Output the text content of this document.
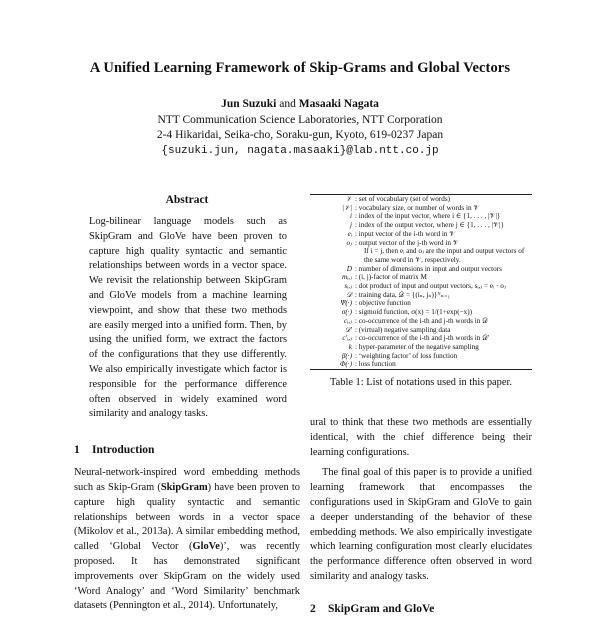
A Unified Learning Framework of Skip-Grams and Global Vectors
Jun Suzuki and Masaaki Nagata
NTT Communication Science Laboratories, NTT Corporation
2-4 Hikaridai, Seika-cho, Soraku-gun, Kyoto, 619-0237 Japan
{suzuki.jun, nagata.masaaki}@lab.ntt.co.jp
Abstract

Log-bilinear language models such as SkipGram and GloVe have been proven to capture high quality syntactic and semantic relationships between words in a vector space. We revisit the relationship between SkipGram and GloVe models from a machine learning viewpoint, and show that these two methods are easily merged into a unified form. Then, by using the unified form, we extract the factors of the configurations that they use differently. We also empirically investigate which factor is responsible for the performance difference often observed in widely examined word similarity and analogy tasks.

1 Introduction

Neural-network-inspired word embedding methods such as Skip-Gram (SkipGram) have been proven to capture high quality syntactic and semantic relationships between words in a vector space (Mikolov et al., 2013a). A similar embedding method, called ‘Global Vector (GloVe)’, was recently proposed. It has demonstrated significant improvements over SkipGram on the widely used ‘Word Analogy’ and ‘Word Similarity’ benchmark datasets (Pennington et al., 2014). Unfortunately,

𝒱	: set of vocabulary (set of words)
|𝒱|	: vocabulary size, or number of words in 𝒱
i	: index of the input vector, where i ∈ {1, . . . , |𝒱|}
j	: index of the output vector, where j ∈ {1, . . . , |𝒱|}
eᵢ	: input vector of the i-th word in 𝒱
oⱼ	: output vector of the j-th word in 𝒱
	If i = j, then eᵢ and oⱼ are the input and output vectors of the same word in 𝒱, respectively.
D	: number of dimensions in input and output vectors
mᵢ,ⱼ	: (i, j)-factor of matrix M
sᵢ,ⱼ	: dot product of input and output vectors, sᵢ,ⱼ = eᵢ · oⱼ
𝒟	: training data, 𝒟 = {(iₙ, jₙ)}ᴺₙ₌₁
Ψ(·)	: objective function
σ(·)	: sigmoid function, σ(x) = 1/(1+exp(−x))
cᵢ,ⱼ	: co-occurrence of the i-th and j-th words in 𝒟
𝒟′	: (virtual) negative sampling data
c′ᵢ,ⱼ	: co-occurrence of the i-th and j-th words in 𝒟′
k	: hyper-parameter of the negative sampling
β(·)	: ‘weighting factor’ of loss function
Φ(·)	: loss function
Table 1: List of notations used in this paper.

ural to think that these two methods are essentially identical, with the chief difference being their learning configurations.

The final goal of this paper is to provide a unified learning framework that encompasses the configurations used in SkipGram and GloVe to gain a deeper understanding of the behavior of these embedding methods. We also empirically investigate which learning configuration most clearly elucidates the performance difference often observed in word similarity and analogy tasks.

2 SkipGram and GloVe
